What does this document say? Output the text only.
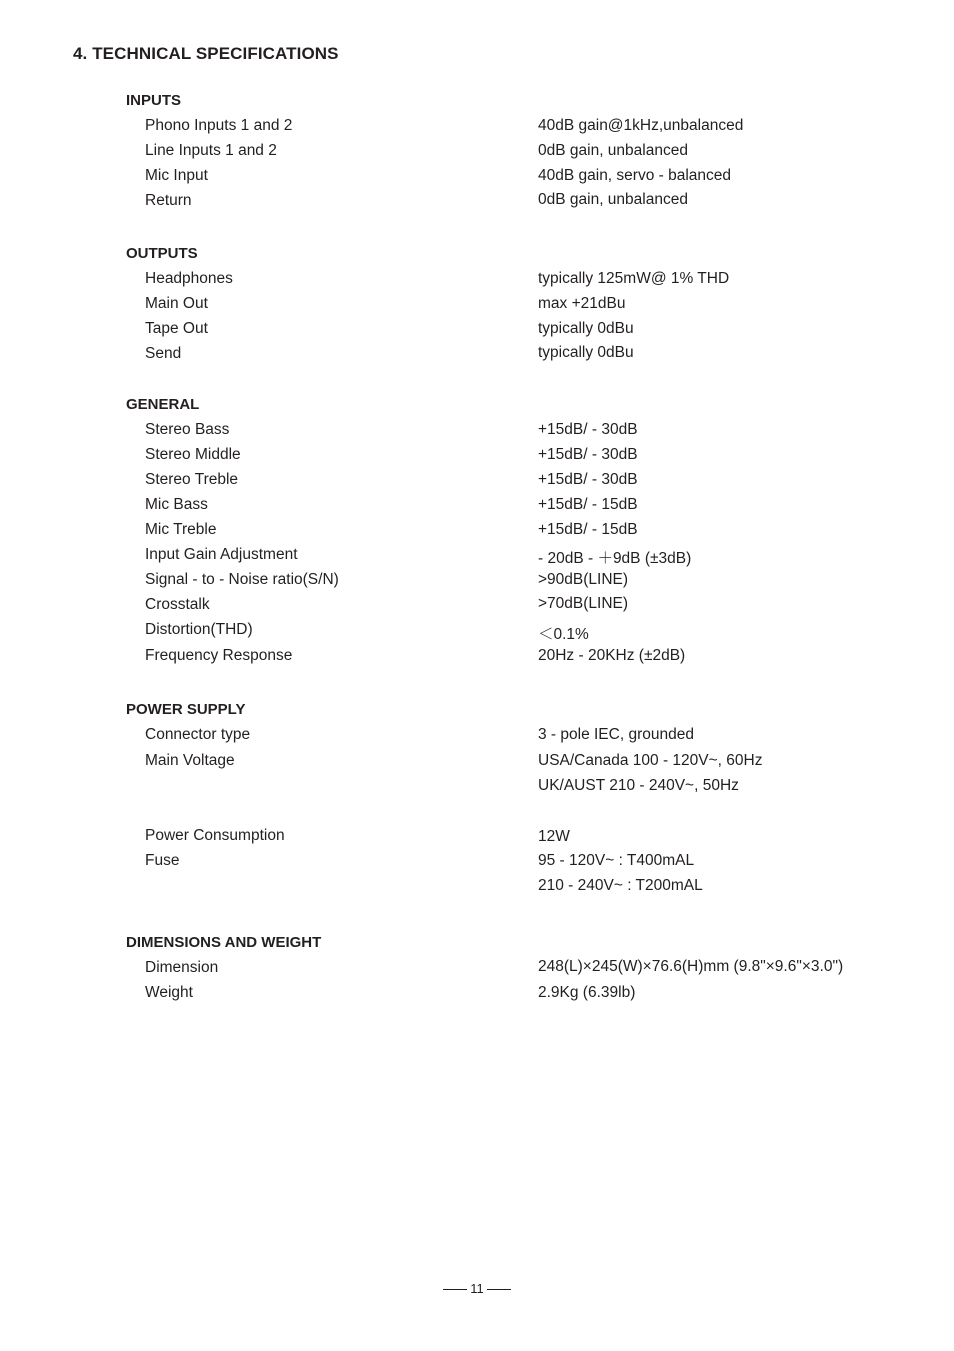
4. TECHNICAL SPECIFICATIONS
INPUTS
Phono Inputs 1 and 2	40dB gain@1kHz,unbalanced
Line Inputs 1 and 2	0dB gain, unbalanced
Mic Input	40dB gain, servo - balanced
Return	0dB gain, unbalanced
OUTPUTS
Headphones	typically 125mW@ 1% THD
Main Out	max +21dBu
Tape Out	typically 0dBu
Send	typically 0dBu
GENERAL
Stereo Bass	+15dB/ - 30dB
Stereo Middle	+15dB/ - 30dB
Stereo Treble	+15dB/ - 30dB
Mic Bass	+15dB/ - 15dB
Mic Treble	+15dB/ - 15dB
Input Gain Adjustment	- 20dB - ＋9dB (±3dB)
Signal - to - Noise ratio(S/N)	>90dB(LINE)
Crosstalk	>70dB(LINE)
Distortion(THD)	＜0.1%
Frequency Response	20Hz - 20KHz (±2dB)
POWER SUPPLY
Connector type	3 - pole IEC, grounded
Main Voltage	USA/Canada 100 - 120V~, 60Hz
UK/AUST 210 - 240V~, 50Hz
Power Consumption	12W
Fuse	95 - 120V~ : T400mAL
210 - 240V~ : T200mAL
DIMENSIONS AND WEIGHT
Dimension	248(L)×245(W)×76.6(H)mm (9.8"×9.6"×3.0")
Weight	2.9Kg (6.39lb)
11
